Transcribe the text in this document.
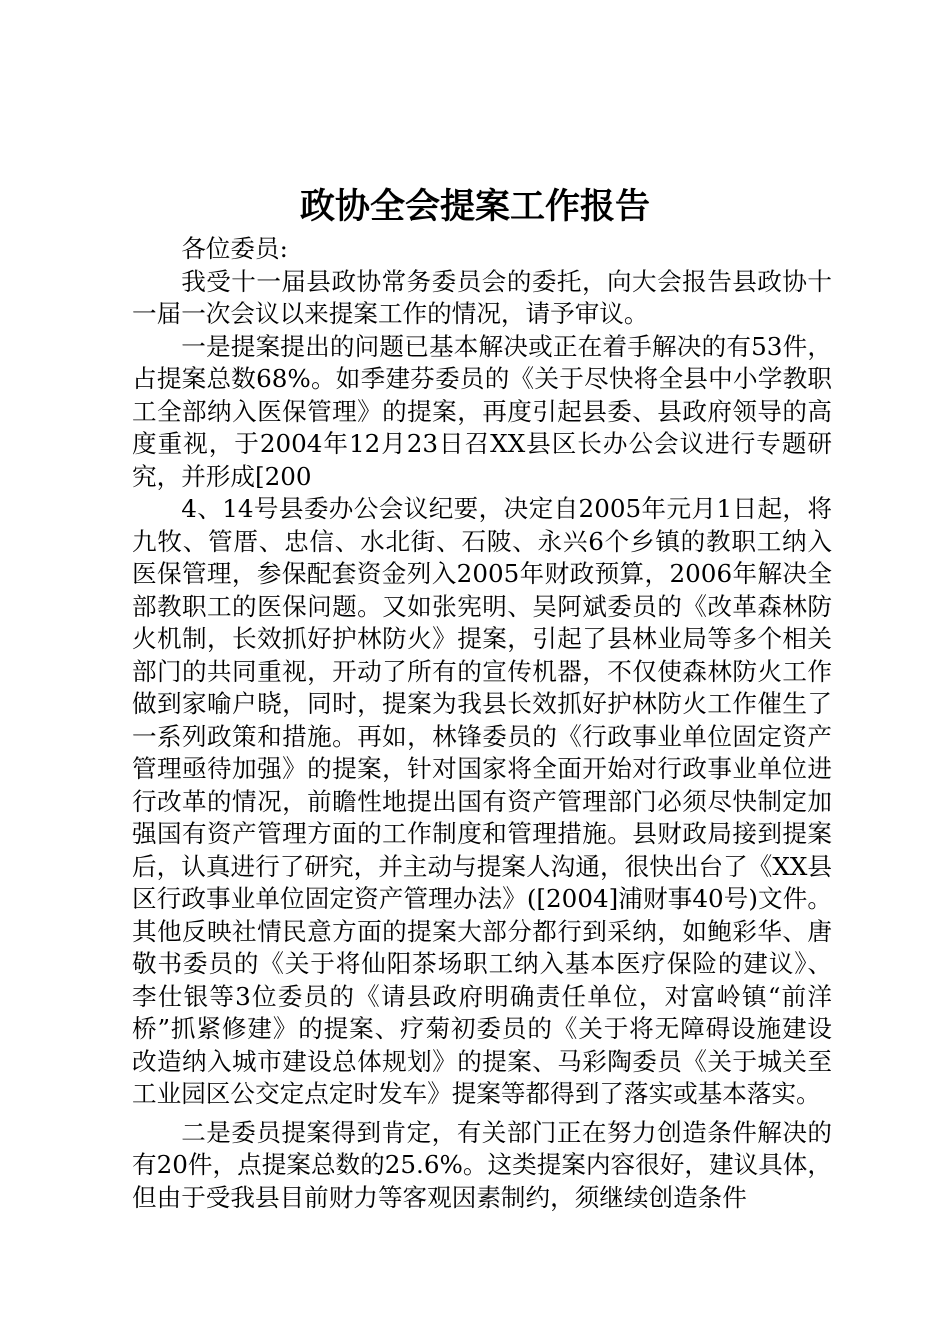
政协全会提案工作报告

各位委员:

我受十一届县政协常务委员会的委托，向大会报告县政协十一届一次会议以来提案工作的情况，请予审议。

一是提案提出的问题已基本解决或正在着手解决的有53件，占提案总数68%。如季建芬委员的《关于尽快将全县中小学教职工全部纳入医保管理》的提案，再度引起县委、县政府领导的高度重视，于2004年12月23日召XX县区长办公会议进行专题研究，并形成[200

4、14号县委办公会议纪要，决定自2005年元月1日起，将九牧、管厝、忠信、水北街、石陂、永兴6个乡镇的教职工纳入医保管理，参保配套资金列入2005年财政预算，2006年解决全部教职工的医保问题。又如张宪明、吴阿斌委员的《改革森林防火机制，长效抓好护林防火》提案，引起了县林业局等多个相关部门的共同重视，开动了所有的宣传机器，不仅使森林防火工作做到家喻户晓，同时，提案为我县长效抓好护林防火工作催生了一系列政策和措施。再如，林锋委员的《行政事业单位固定资产管理亟待加强》的提案，针对国家将全面开始对行政事业单位进行改革的情况，前瞻性地提出国有资产管理部门必须尽快制定加强国有资产管理方面的工作制度和管理措施。县财政局接到提案后，认真进行了研究，并主动与提案人沟通，很快出台了《XX县区行政事业单位固定资产管理办法》([2004]浦财事40号)文件。其他反映社情民意方面的提案大部分都行到采纳，如鲍彩华、唐敬书委员的《关于将仙阳茶场职工纳入基本医疗保险的建议》、李仕银等3位委员的《请县政府明确责任单位，对富岭镇“前洋桥”抓紧修建》的提案、疗菊初委员的《关于将无障碍设施建设改造纳入城市建设总体规划》的提案、马彩陶委员《关于城关至工业园区公交定点定时发车》提案等都得到了落实或基本落实。

二是委员提案得到肯定，有关部门正在努力创造条件解决的有20件，点提案总数的25.6%。这类提案内容很好，建议具体，但由于受我县目前财力等客观因素制约，须继续创造条件
